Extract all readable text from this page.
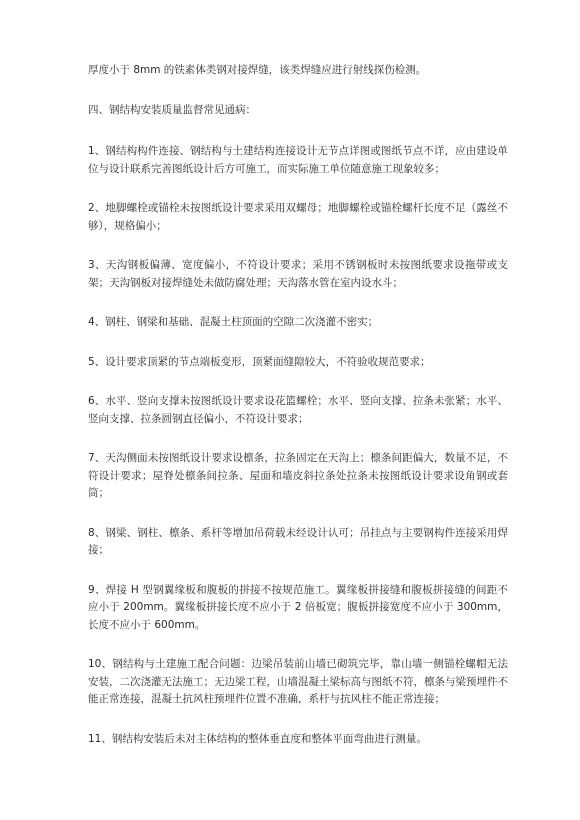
厚度小于 8mm 的铁素体类钢对接焊缝，该类焊缝应进行射线探伤检测。

四、钢结构安装质量监督常见通病：

1、钢结构构件连接、钢结构与土建结构连接设计无节点详图或图纸节点不详，应由建设单位与设计联系完善图纸设计后方可施工，而实际施工单位随意施工现象较多；

2、地脚螺栓或锚栓未按图纸设计要求采用双螺母；地脚螺栓或锚栓螺杆长度不足（露丝不够），规格偏小；

3、天沟钢板偏薄、宽度偏小，不符设计要求；采用不锈钢板时未按图纸要求设拖带或支架；天沟钢板对接焊缝处未做防腐处理；天沟落水管在室内设水斗；

4、钢柱、钢梁和基础、混凝土柱顶面的空隙二次浇灌不密实；

5、设计要求顶紧的节点端板变形，顶紧面缝隙较大，不符验收规范要求；

6、水平、竖向支撑未按图纸设计要求设花篮螺栓；水平、竖向支撑、拉条未张紧；水平、竖向支撑、拉条圆钢直径偏小，不符设计要求；

7、天沟侧面未按图纸设计要求设檩条，拉条固定在天沟上；檩条间距偏大，数量不足，不符设计要求；屋脊处檩条间拉条、屋面和墙皮斜拉条处拉条未按图纸设计要求设角钢或套筒；

8、钢梁、钢柱、檩条、系杆等增加吊荷载未经设计认可；吊挂点与主要钢构件连接采用焊接；

9、焊接 H 型钢翼缘板和腹板的拼接不按规范施工。翼缘板拼接缝和腹板拼接缝的间距不应小于 200mm。翼缘板拼接长度不应小于 2 倍板宽；腹板拼接宽度不应小于 300mm，长度不应小于 600mm。

10、钢结构与土建施工配合问题：边梁吊装前山墙已砌筑完毕，靠山墙一侧锚栓螺帽无法安装，二次浇灌无法施工；无边梁工程，山墙混凝土梁标高与图纸不符，檩条与梁预埋件不能正常连接，混凝土抗风柱预埋件位置不准确，系杆与抗风柱不能正常连接；

11、钢结构安装后未对主体结构的整体垂直度和整体平面弯曲进行测量。
